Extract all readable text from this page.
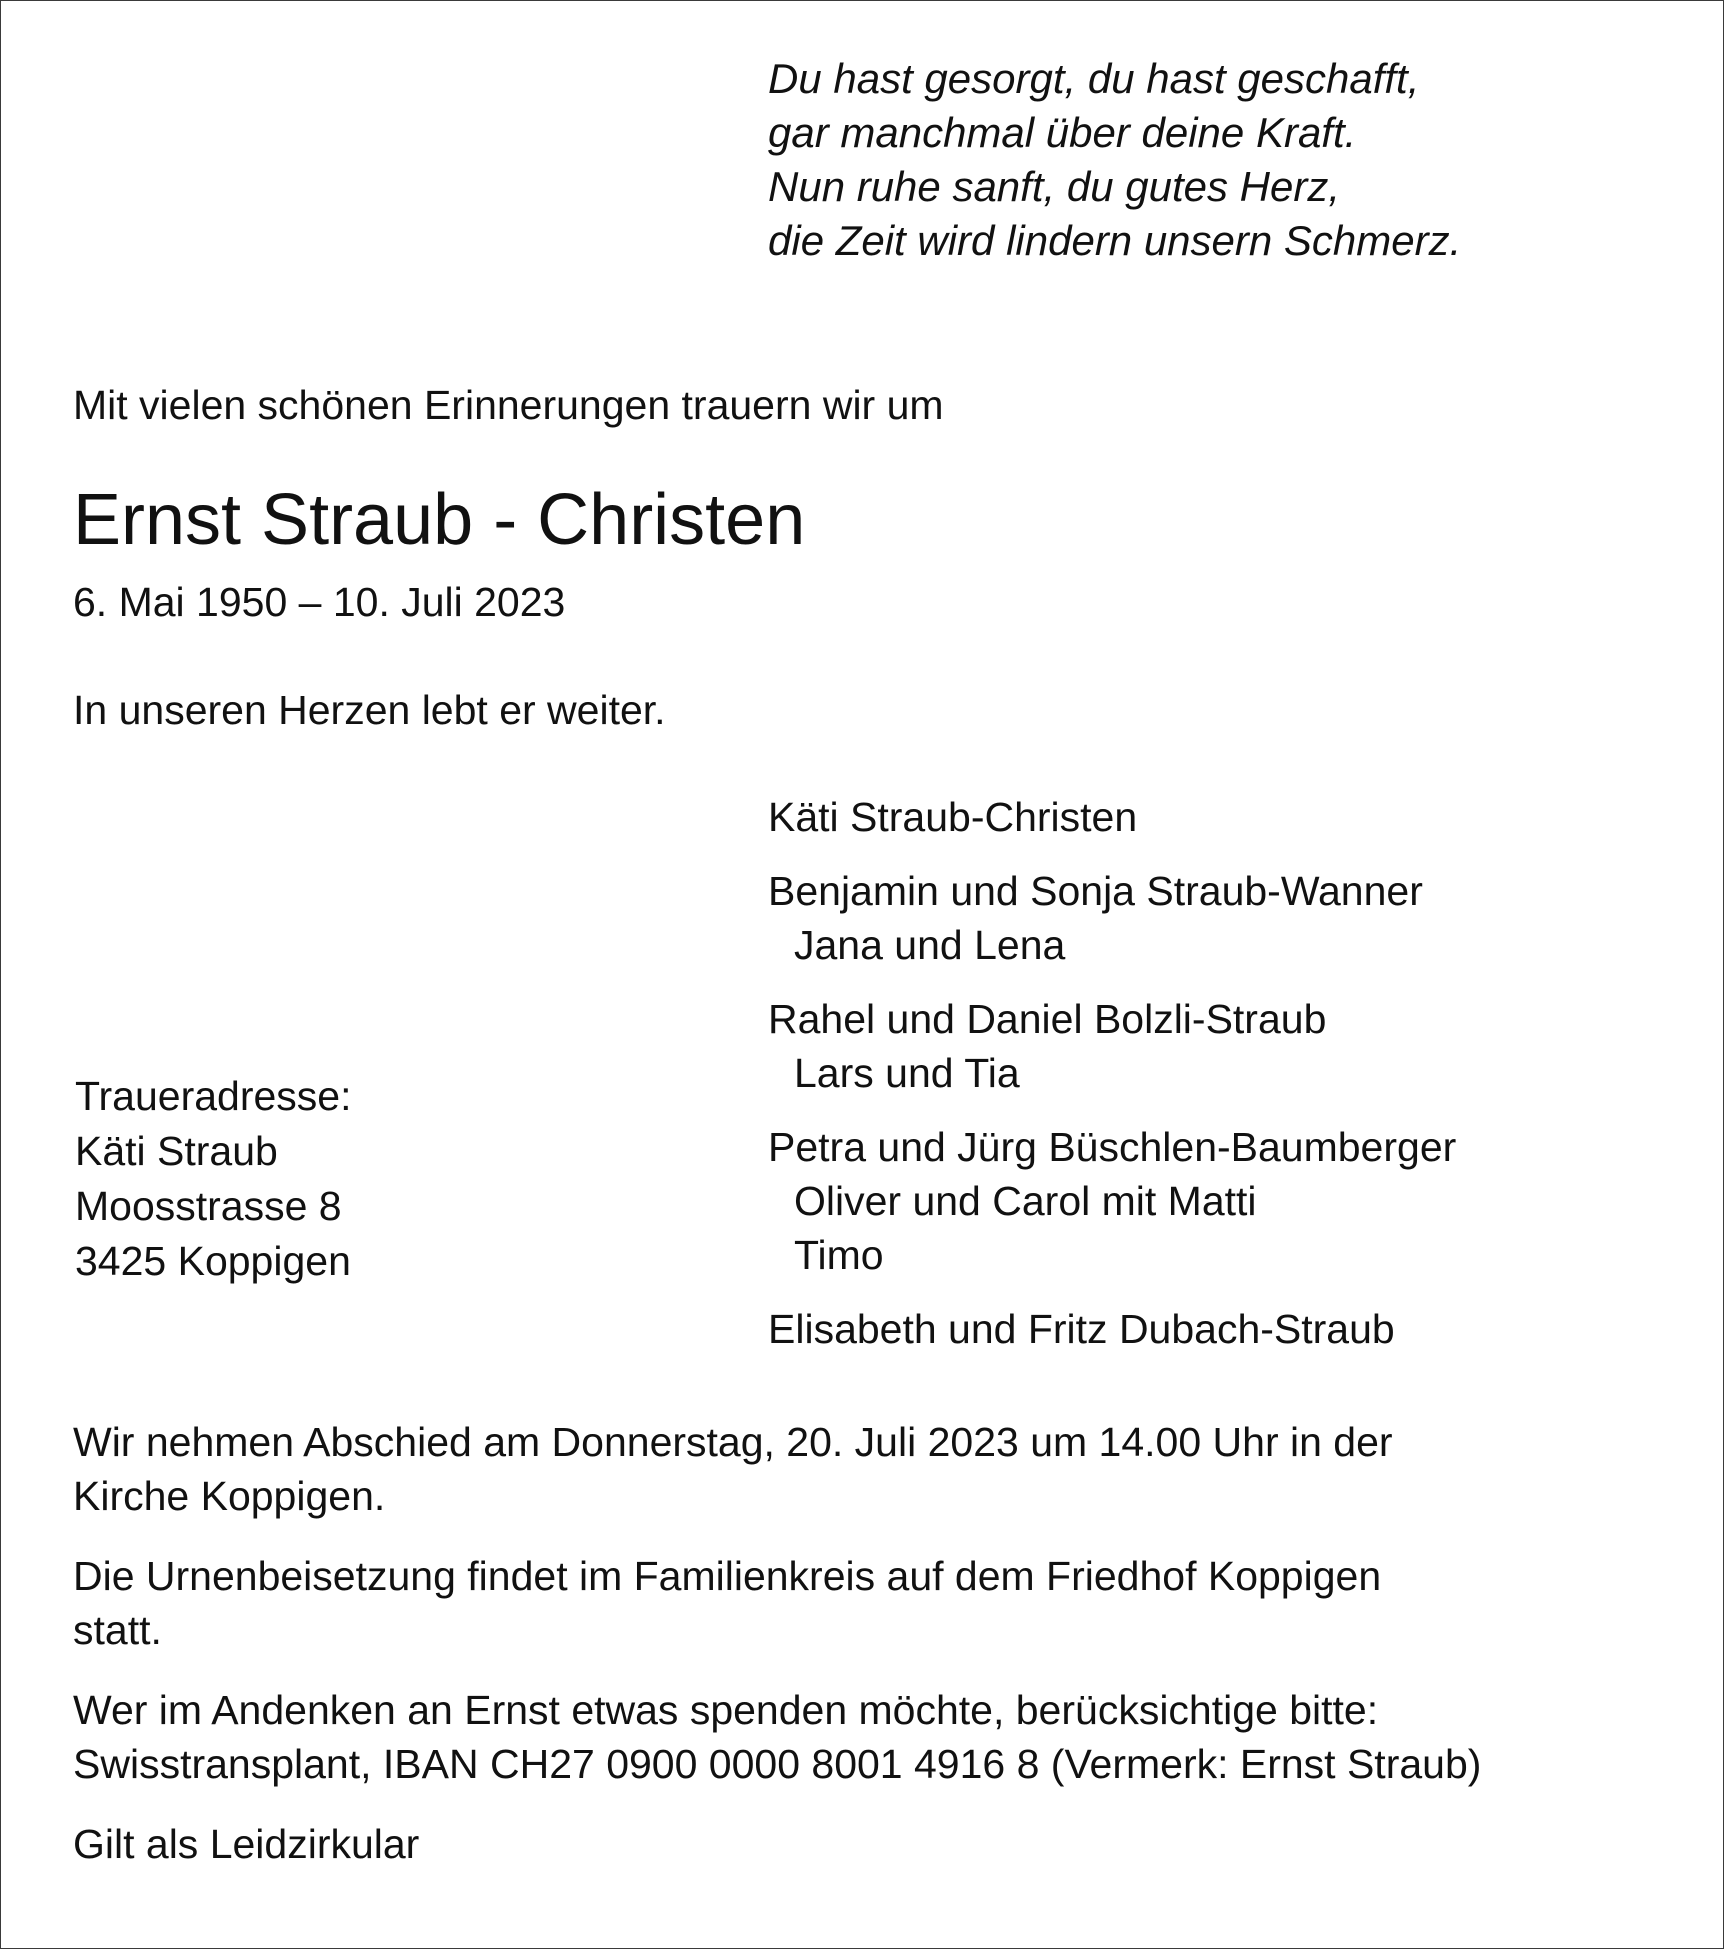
Du hast gesorgt, du hast geschafft,
gar manchmal über deine Kraft.
Nun ruhe sanft, du gutes Herz,
die Zeit wird lindern unsern Schmerz.
Mit vielen schönen Erinnerungen trauern wir um
Ernst Straub - Christen
6. Mai 1950 – 10. Juli 2023
In unseren Herzen lebt er weiter.
Traueradresse:
Käti Straub
Moosstrasse 8
3425 Koppigen
Käti Straub-Christen
Benjamin und Sonja Straub-Wanner
Jana und Lena
Rahel und Daniel Bolzli-Straub
Lars und Tia
Petra und Jürg Büschlen-Baumberger
Oliver und Carol mit Matti
Timo
Elisabeth und Fritz Dubach-Straub

Wir nehmen Abschied am Donnerstag, 20. Juli 2023 um 14.00 Uhr in der
Kirche Koppigen.

Die Urnenbeisetzung findet im Familienkreis auf dem Friedhof Koppigen
statt.

Wer im Andenken an Ernst etwas spenden möchte, berücksichtige bitte:
Swisstransplant, IBAN CH27 0900 0000 8001 4916 8 (Vermerk: Ernst Straub)

Gilt als Leidzirkular
